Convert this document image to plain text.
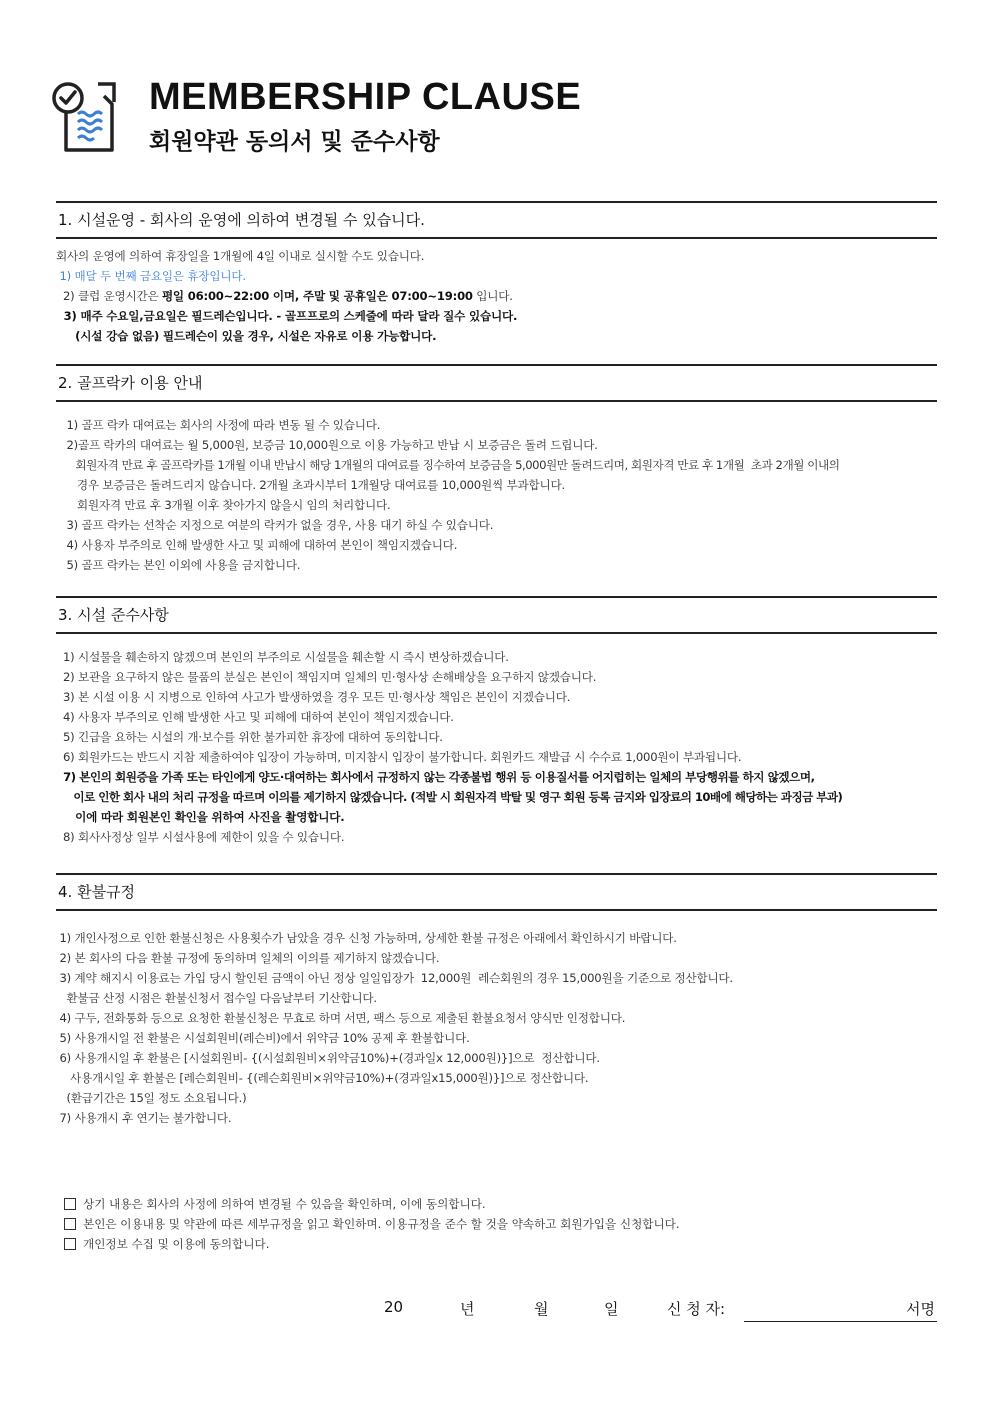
MEMBERSHIP CLAUSE
회원약관 동의서 및 준수사항
1. 시설운영 - 회사의 운영에 의하여 변경될 수 있습니다.
회사의 운영에 의하여 휴장일을 1개월에 4일 이내로 실시할 수도 있습니다.
1) 매달 두 번째 금요일은 휴장입니다.
2) 클럽 운영시간은 평일 06:00~22:00 이며, 주말 및 공휴일은 07:00~19:00 입니다.
3) 매주 수요일,금요일은 필드레슨입니다. - 골프프로의 스케줄에 따라 달라 질수 있습니다.
(시설 강습 없음) 필드레슨이 있을 경우, 시설은 자유로 이용 가능합니다.
2. 골프락카 이용 안내
1) 골프 락카 대여료는 회사의 사정에 따라 변동 될 수 있습니다.
2)골프 락카의 대여료는 월 5,000원, 보증금 10,000원으로 이용 가능하고 반납 시 보증금은 돌려 드립니다.
회원자격 만료 후 골프락카를 1개월 이내 반납시 해당 1개월의 대여료를 징수하여 보증금을 5,000원만 돌려드리며, 회원자격 만료 후 1개월  초과 2개월 이내의
경우 보증금은 돌려드리지 않습니다. 2개월 초과시부터 1개월당 대여료를 10,000원씩 부과합니다.
회원자격 만료 후 3개월 이후 찾아가지 않을시 임의 처리합니다.
3) 골프 락카는 선착순 지정으로 여분의 락커가 없을 경우, 사용 대기 하실 수 있습니다.
4) 사용자 부주의로 인해 발생한 사고 및 피해에 대하여 본인이 책임지겠습니다.
5) 골프 락카는 본인 이외에 사용을 금지합니다.
3. 시설 준수사항
1) 시설물을 훼손하지 않겠으며 본인의 부주의로 시설물을 훼손할 시 즉시 변상하겠습니다.
2) 보관을 요구하지 않은 물품의 분실은 본인이 책임지며 일체의 민·형사상 손해배상을 요구하지 않겠습니다.
3) 본 시설 이용 시 지병으로 인하여 사고가 발생하였을 경우 모든 민·형사상 책임은 본인이 지겠습니다.
4) 사용자 부주의로 인해 발생한 사고 및 피해에 대하여 본인이 책임지겠습니다.
5) 긴급을 요하는 시설의 개·보수를 위한 불가피한 휴장에 대하여 동의합니다.
6) 회원카드는 반드시 지참 제출하여야 입장이 가능하며, 미지참시 입장이 불가합니다. 회원카드 재발급 시 수수료 1,000원이 부과됩니다.
7) 본인의 회원증을 가족 또는 타인에게 양도·대여하는 회사에서 규정하지 않는 각종불법 행위 등 이용질서를 어지럽히는 일체의 부당행위를 하지 않겠으며,
이로 인한 회사 내의 처리 규정을 따르며 이의를 제기하지 않겠습니다. (적발 시 회원자격 박탈 및 영구 회원 등록 금지와 입장료의 10배에 해당하는 과징금 부과)
이에 따라 회원본인 확인을 위하여 사진을 촬영합니다.
8) 회사사정상 일부 시설사용에 제한이 있을 수 있습니다.
4. 환불규정
1) 개인사정으로 인한 환불신청은 사용횟수가 남았을 경우 신청 가능하며, 상세한 환불 규정은 아래에서 확인하시기 바랍니다.
2) 본 회사의 다음 환불 규정에 동의하며 일체의 이의를 제기하지 않겠습니다.
3) 계약 해지시 이용료는 가입 당시 할인된 금액이 아닌 정상 일일입장가  12,000원  레슨회원의 경우 15,000원을 기준으로 정산합니다.
환불금 산정 시점은 환불신청서 접수일 다음날부터 기산합니다.
4) 구두, 전화통화 등으로 요청한 환불신청은 무효로 하며 서면, 팩스 등으로 제출된 환불요청서 양식만 인정합니다.
5) 사용개시일 전 환불은 시설회원비(레슨비)에서 위약금 10% 공제 후 환불합니다.
6) 사용개시일 후 환불은 [시설회원비- {(시설회원비×위약금10%)+(경과일x 12,000원)}]으로  정산합니다.
사용개시일 후 환불은 [레슨회원비- {(레슨회원비×위약금10%)+(경과일x15,000원)}]으로 정산합니다.
(환급기간은 15일 정도 소요됩니다.)
7) 사용개시 후 연기는 불가합니다.
상기 내용은 회사의 사정에 의하여 변경될 수 있음을 확인하며, 이에 동의합니다.
본인은 이용내용 및 약관에 따른 세부규정을 읽고 확인하며. 이용규정을 준수 할 것을 약속하고 회원가입을 신청합니다.
개인정보 수집 및 이용에 동의합니다.
20	년	월	일	신 청 자:	서명
